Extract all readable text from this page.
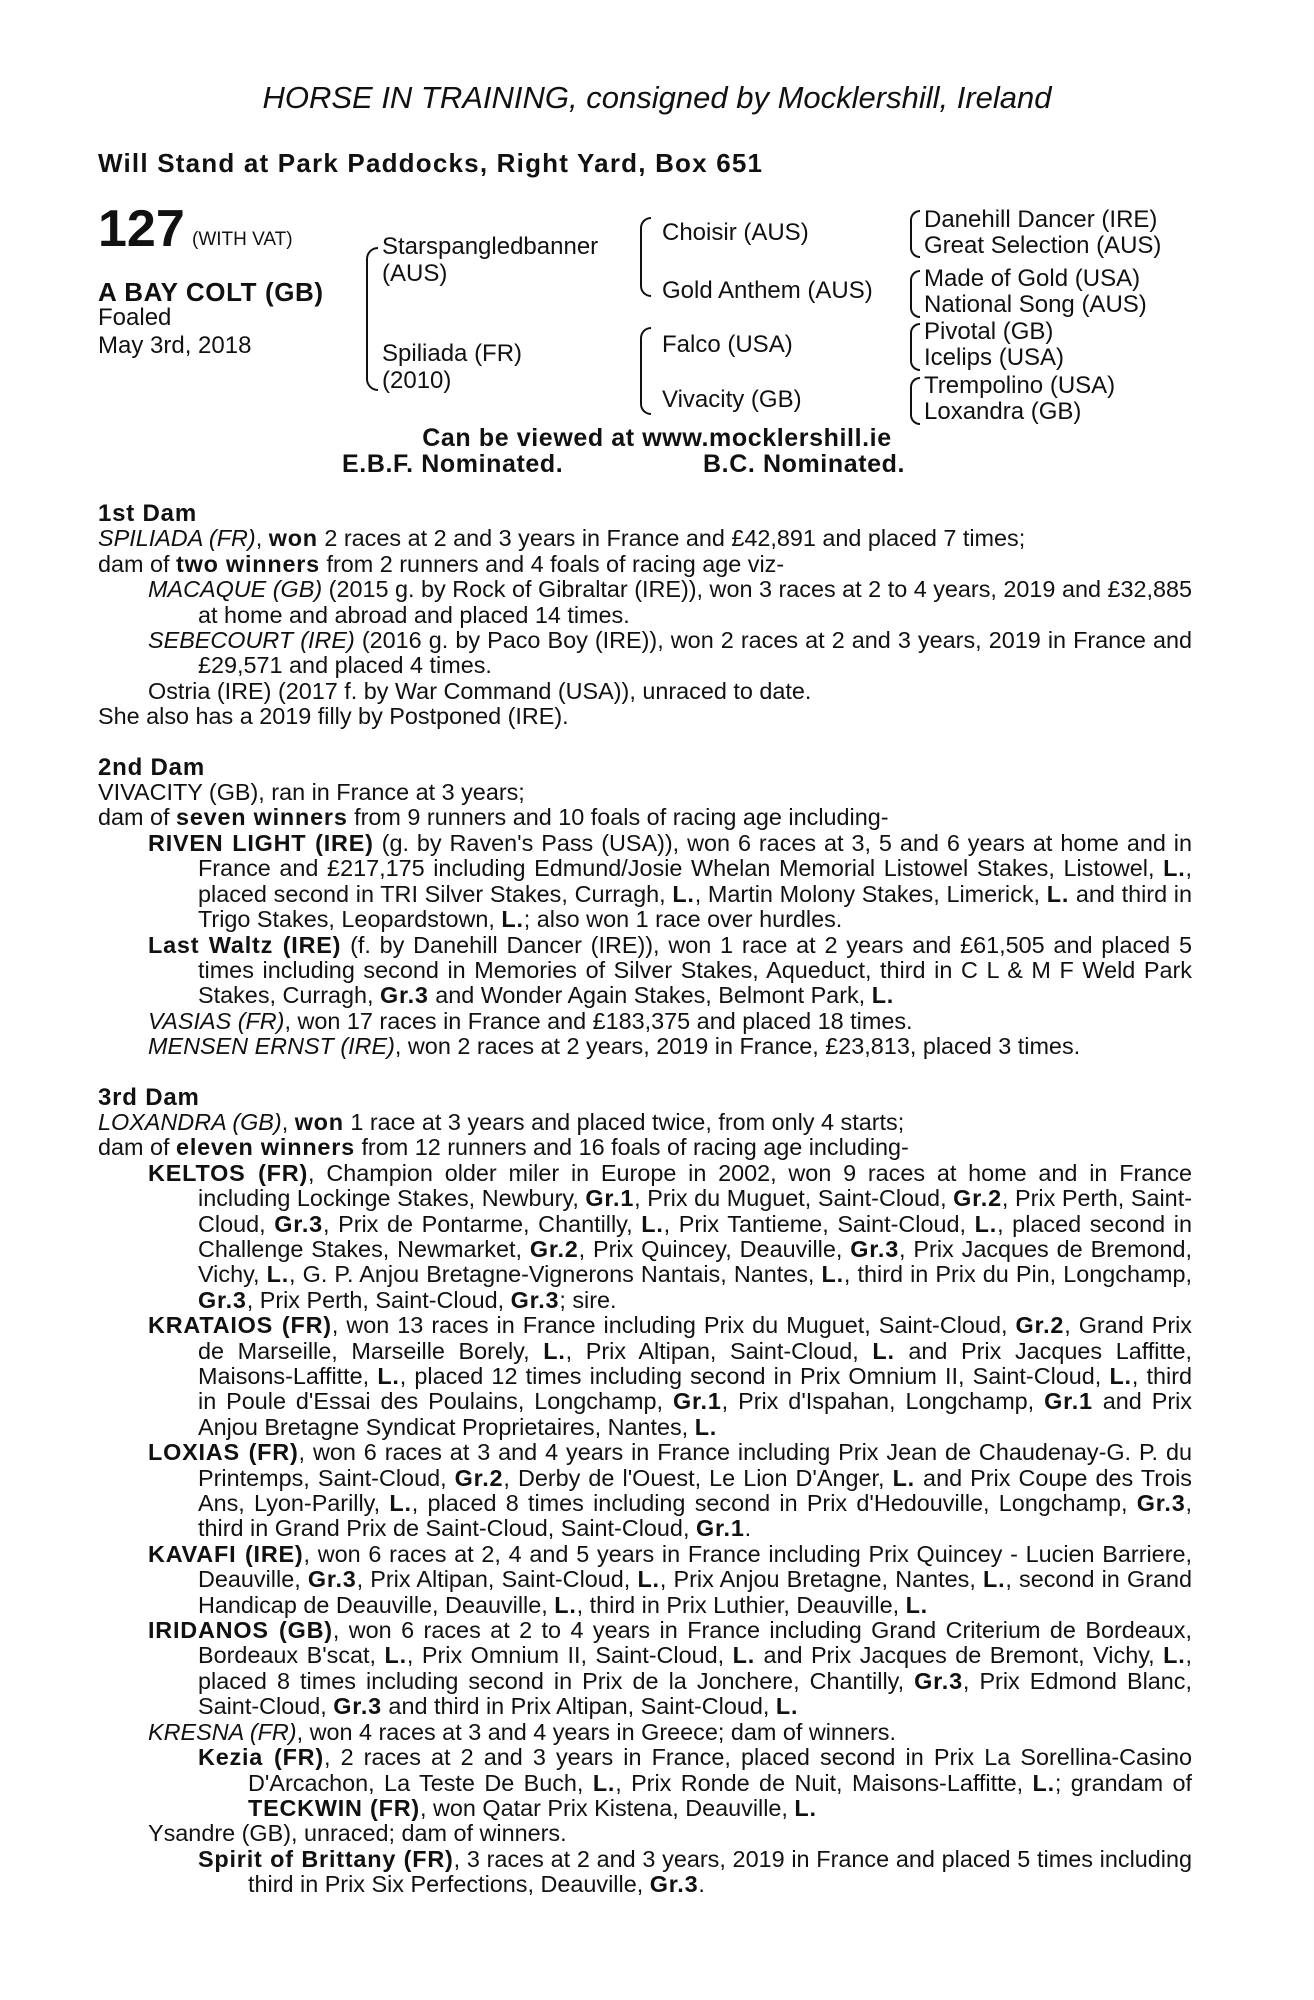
HORSE IN TRAINING, consigned by Mocklershill, Ireland
Will Stand at Park Paddocks, Right Yard, Box 651
127 (WITH VAT)
A BAY COLT (GB)
Foaled
May 3rd, 2018
Starspangledbanner (AUS)
Spiliada (FR) (2010)
Choisir (AUS)
Gold Anthem (AUS)
Falco (USA)
Vivacity (GB)
Danehill Dancer (IRE)
Great Selection (AUS)
Made of Gold (USA)
National Song (AUS)
Pivotal (GB)
Icelips (USA)
Trempolino (USA)
Loxandra (GB)
Can be viewed at www.mocklershill.ie
E.B.F. Nominated.	B.C. Nominated.
1st Dam
SPILIADA (FR), won 2 races at 2 and 3 years in France and £42,891 and placed 7 times;
dam of two winners from 2 runners and 4 foals of racing age viz-
MACAQUE (GB) (2015 g. by Rock of Gibraltar (IRE)), won 3 races at 2 to 4 years, 2019 and £32,885 at home and abroad and placed 14 times.
SEBECOURT (IRE) (2016 g. by Paco Boy (IRE)), won 2 races at 2 and 3 years, 2019 in France and £29,571 and placed 4 times.
Ostria (IRE) (2017 f. by War Command (USA)), unraced to date.
She also has a 2019 filly by Postponed (IRE).
2nd Dam
VIVACITY (GB), ran in France at 3 years;
dam of seven winners from 9 runners and 10 foals of racing age including-
RIVEN LIGHT (IRE) (g. by Raven's Pass (USA)), won 6 races at 3, 5 and 6 years at home and in France and £217,175 including Edmund/Josie Whelan Memorial Listowel Stakes, Listowel, L., placed second in TRI Silver Stakes, Curragh, L., Martin Molony Stakes, Limerick, L. and third in Trigo Stakes, Leopardstown, L.; also won 1 race over hurdles.
Last Waltz (IRE) (f. by Danehill Dancer (IRE)), won 1 race at 2 years and £61,505 and placed 5 times including second in Memories of Silver Stakes, Aqueduct, third in C L & M F Weld Park Stakes, Curragh, Gr.3 and Wonder Again Stakes, Belmont Park, L.
VASIAS (FR), won 17 races in France and £183,375 and placed 18 times.
MENSEN ERNST (IRE), won 2 races at 2 years, 2019 in France, £23,813, placed 3 times.
3rd Dam
LOXANDRA (GB), won 1 race at 3 years and placed twice, from only 4 starts;
dam of eleven winners from 12 runners and 16 foals of racing age including-
KELTOS (FR), Champion older miler in Europe in 2002, won 9 races at home and in France including Lockinge Stakes, Newbury, Gr.1, Prix du Muguet, Saint-Cloud, Gr.2, Prix Perth, Saint-Cloud, Gr.3, Prix de Pontarme, Chantilly, L., Prix Tantieme, Saint-Cloud, L., placed second in Challenge Stakes, Newmarket, Gr.2, Prix Quincey, Deauville, Gr.3, Prix Jacques de Bremond, Vichy, L., G. P. Anjou Bretagne-Vignerons Nantais, Nantes, L., third in Prix du Pin, Longchamp, Gr.3, Prix Perth, Saint-Cloud, Gr.3; sire.
KRATAIOS (FR), won 13 races in France including Prix du Muguet, Saint-Cloud, Gr.2, Grand Prix de Marseille, Marseille Borely, L., Prix Altipan, Saint-Cloud, L. and Prix Jacques Laffitte, Maisons-Laffitte, L., placed 12 times including second in Prix Omnium II, Saint-Cloud, L., third in Poule d'Essai des Poulains, Longchamp, Gr.1, Prix d'Ispahan, Longchamp, Gr.1 and Prix Anjou Bretagne Syndicat Proprietaires, Nantes, L.
LOXIAS (FR), won 6 races at 3 and 4 years in France including Prix Jean de Chaudenay-G. P. du Printemps, Saint-Cloud, Gr.2, Derby de l'Ouest, Le Lion D'Anger, L. and Prix Coupe des Trois Ans, Lyon-Parilly, L., placed 8 times including second in Prix d'Hedouville, Longchamp, Gr.3, third in Grand Prix de Saint-Cloud, Saint-Cloud, Gr.1.
KAVAFI (IRE), won 6 races at 2, 4 and 5 years in France including Prix Quincey - Lucien Barriere, Deauville, Gr.3, Prix Altipan, Saint-Cloud, L., Prix Anjou Bretagne, Nantes, L., second in Grand Handicap de Deauville, Deauville, L., third in Prix Luthier, Deauville, L.
IRIDANOS (GB), won 6 races at 2 to 4 years in France including Grand Criterium de Bordeaux, Bordeaux B'scat, L., Prix Omnium II, Saint-Cloud, L. and Prix Jacques de Bremont, Vichy, L., placed 8 times including second in Prix de la Jonchere, Chantilly, Gr.3, Prix Edmond Blanc, Saint-Cloud, Gr.3 and third in Prix Altipan, Saint-Cloud, L.
KRESNA (FR), won 4 races at 3 and 4 years in Greece; dam of winners.
Kezia (FR), 2 races at 2 and 3 years in France, placed second in Prix La Sorellina-Casino D'Arcachon, La Teste De Buch, L., Prix Ronde de Nuit, Maisons-Laffitte, L.; grandam of TECKWIN (FR), won Qatar Prix Kistena, Deauville, L.
Ysandre (GB), unraced; dam of winners.
Spirit of Brittany (FR), 3 races at 2 and 3 years, 2019 in France and placed 5 times including third in Prix Six Perfections, Deauville, Gr.3.
